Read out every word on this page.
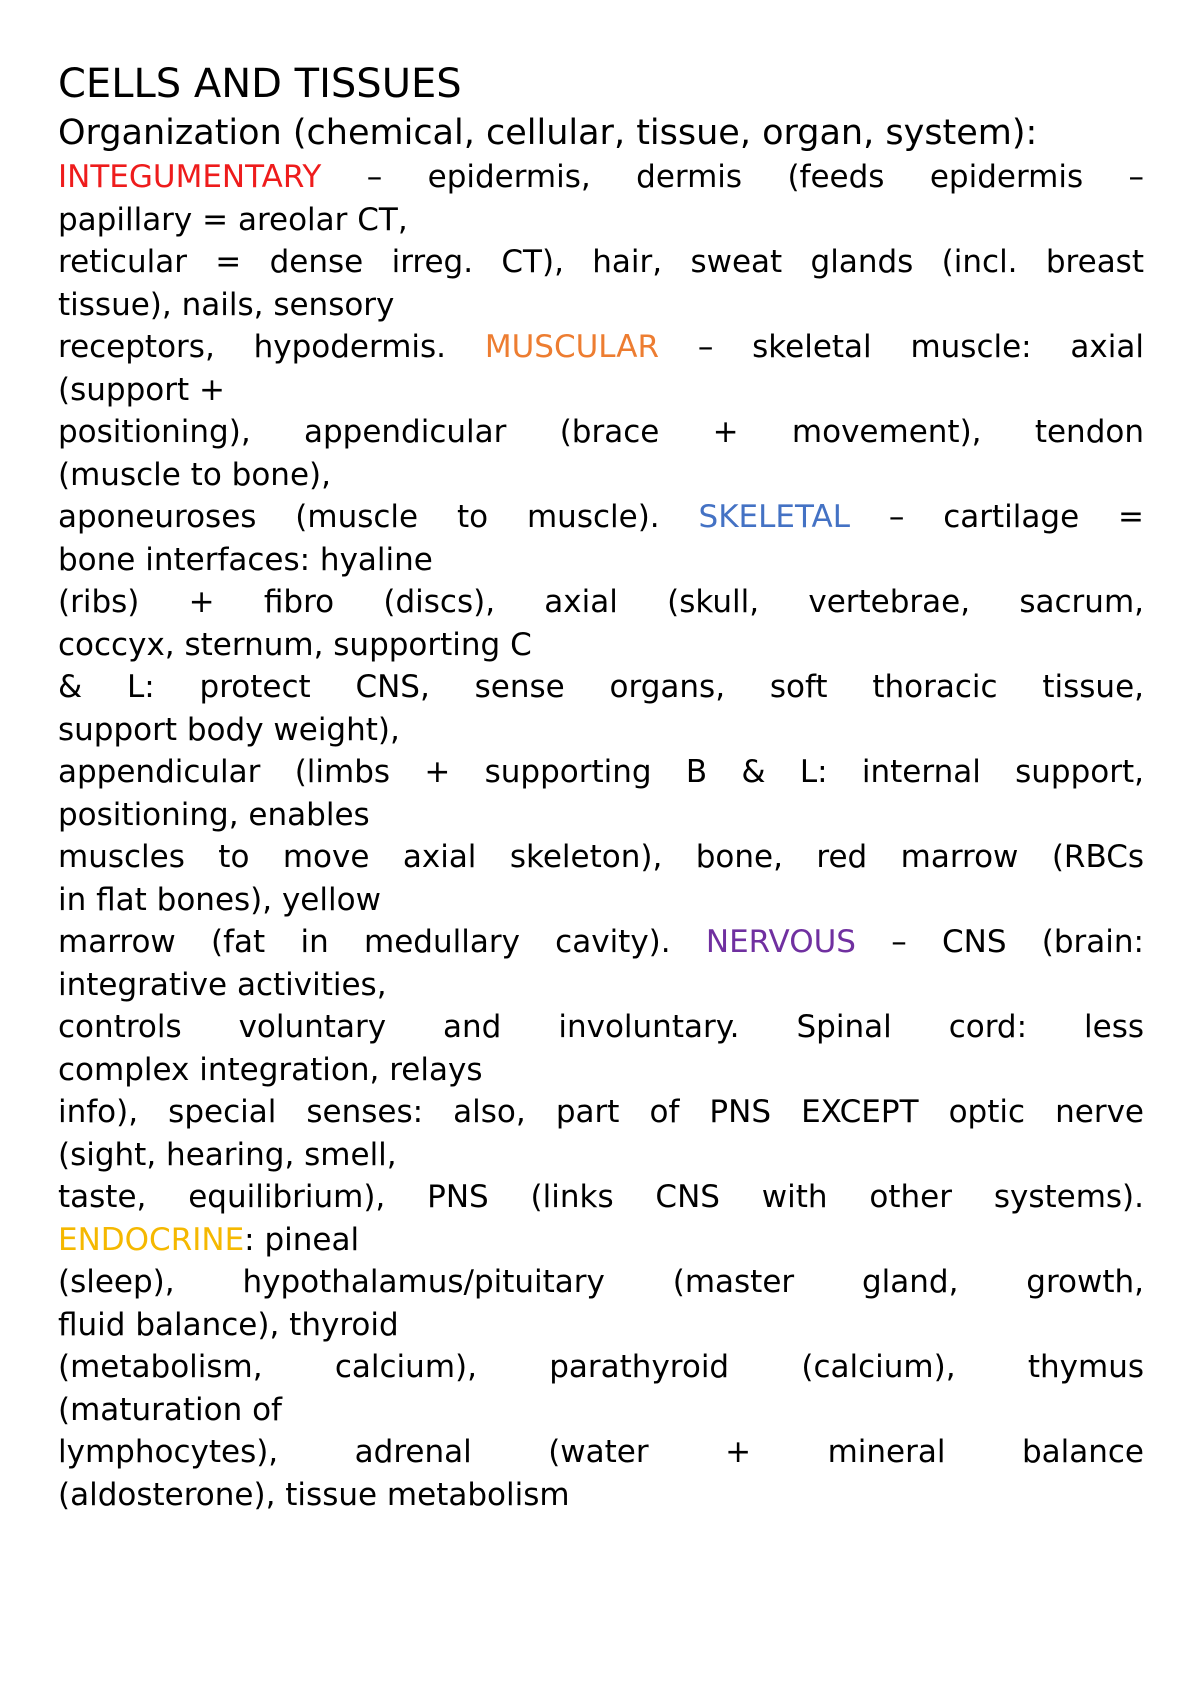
CELLS AND TISSUES
Organization (chemical, cellular, tissue, organ, system):
INTEGUMENTARY – epidermis, dermis (feeds epidermis –
papillary = areolar CT,
reticular = dense irreg. CT), hair, sweat glands (incl. breast
tissue), nails, sensory
receptors, hypodermis. MUSCULAR – skeletal muscle: axial
(support +
positioning), appendicular (brace + movement), tendon
(muscle to bone),
aponeuroses (muscle to muscle). SKELETAL – cartilage =
bone interfaces: hyaline
(ribs) + fibro (discs), axial (skull, vertebrae, sacrum,
coccyx, sternum, supporting C
& L: protect CNS, sense organs, soft thoracic tissue,
support body weight),
appendicular (limbs + supporting B & L: internal support,
positioning, enables
muscles to move axial skeleton), bone, red marrow (RBCs
in flat bones), yellow
marrow (fat in medullary cavity). NERVOUS – CNS (brain:
integrative activities,
controls voluntary and involuntary. Spinal cord: less
complex integration, relays
info), special senses: also, part of PNS EXCEPT optic nerve
(sight, hearing, smell,
taste, equilibrium), PNS (links CNS with other systems).
ENDOCRINE: pineal
(sleep), hypothalamus/pituitary (master gland, growth,
fluid balance), thyroid
(metabolism, calcium), parathyroid (calcium), thymus
(maturation of
lymphocytes), adrenal (water + mineral balance
(aldosterone), tissue metabolism
